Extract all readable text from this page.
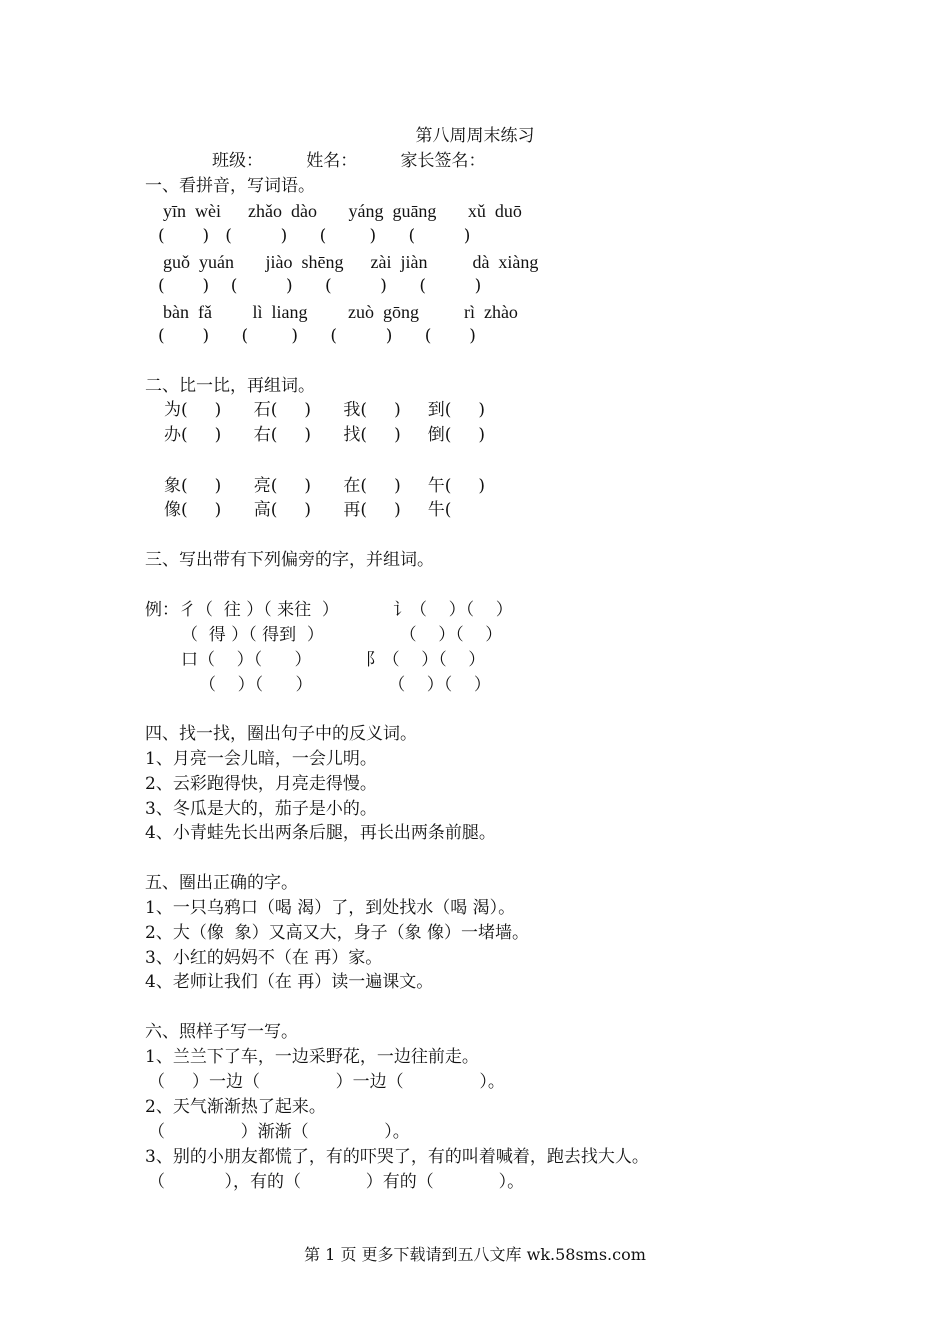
第八周周末练习
班级：        姓名：        家长签名：
一、看拼音，写词语。
yīn  wèi      zhǎo  dào       yáng  guāng       xǔ  duō
(       )   (         )      (        )      (         )
guǒ  yuán       jiào  shēng      zài  jiàn          dà  xiàng
(       )    (         )      (         )      (         )
bàn  fǎ         lì  liang         zuò  gōng          rì  zhào
(       )      (        )      (         )      (       )
二、比一比，再组词。
为(     )      石(     )      我(     )     到(     )
办(     )      右(     )      找(     )     倒(     )
象(     )      亮(     )      在(     )     午(     )
像(     )      高(     )      再(     )     牛(
三、写出带有下列偏旁的字，并组词。
例：彳（  往 ）（ 来往  ）          讠（    ）（    ）
（  得 ）（ 得到  ）              （    ）（    ）
口（    ）（      ）          阝（    ）（    ）
（    ）（      ）              （    ）（    ）
四、找一找，圈出句子中的反义词。
1、月亮一会儿暗，一会儿明。
2、云彩跑得快，月亮走得慢。
3、冬瓜是大的，茄子是小的。
4、小青蛙先长出两条后腿，再长出两条前腿。
五、圈出正确的字。
1、一只乌鸦口（喝 渴）了，到处找水（喝 渴）。
2、大（像  象）又高又大，身子（象 像）一堵墙。
3、小红的妈妈不（在 再）家。
4、老师让我们（在 再）读一遍课文。
六、照样子写一写。
1、兰兰下了车，一边采野花，一边往前走。
（     ）一边（              ）一边（              ）。
2、天气渐渐热了起来。
（              ）渐渐（              ）。
3、别的小朋友都慌了，有的吓哭了，有的叫着喊着，跑去找大人。
（           ），有的（            ）有的（            ）。
第 1 页 更多下载请到五八文库 wk.58sms.com
